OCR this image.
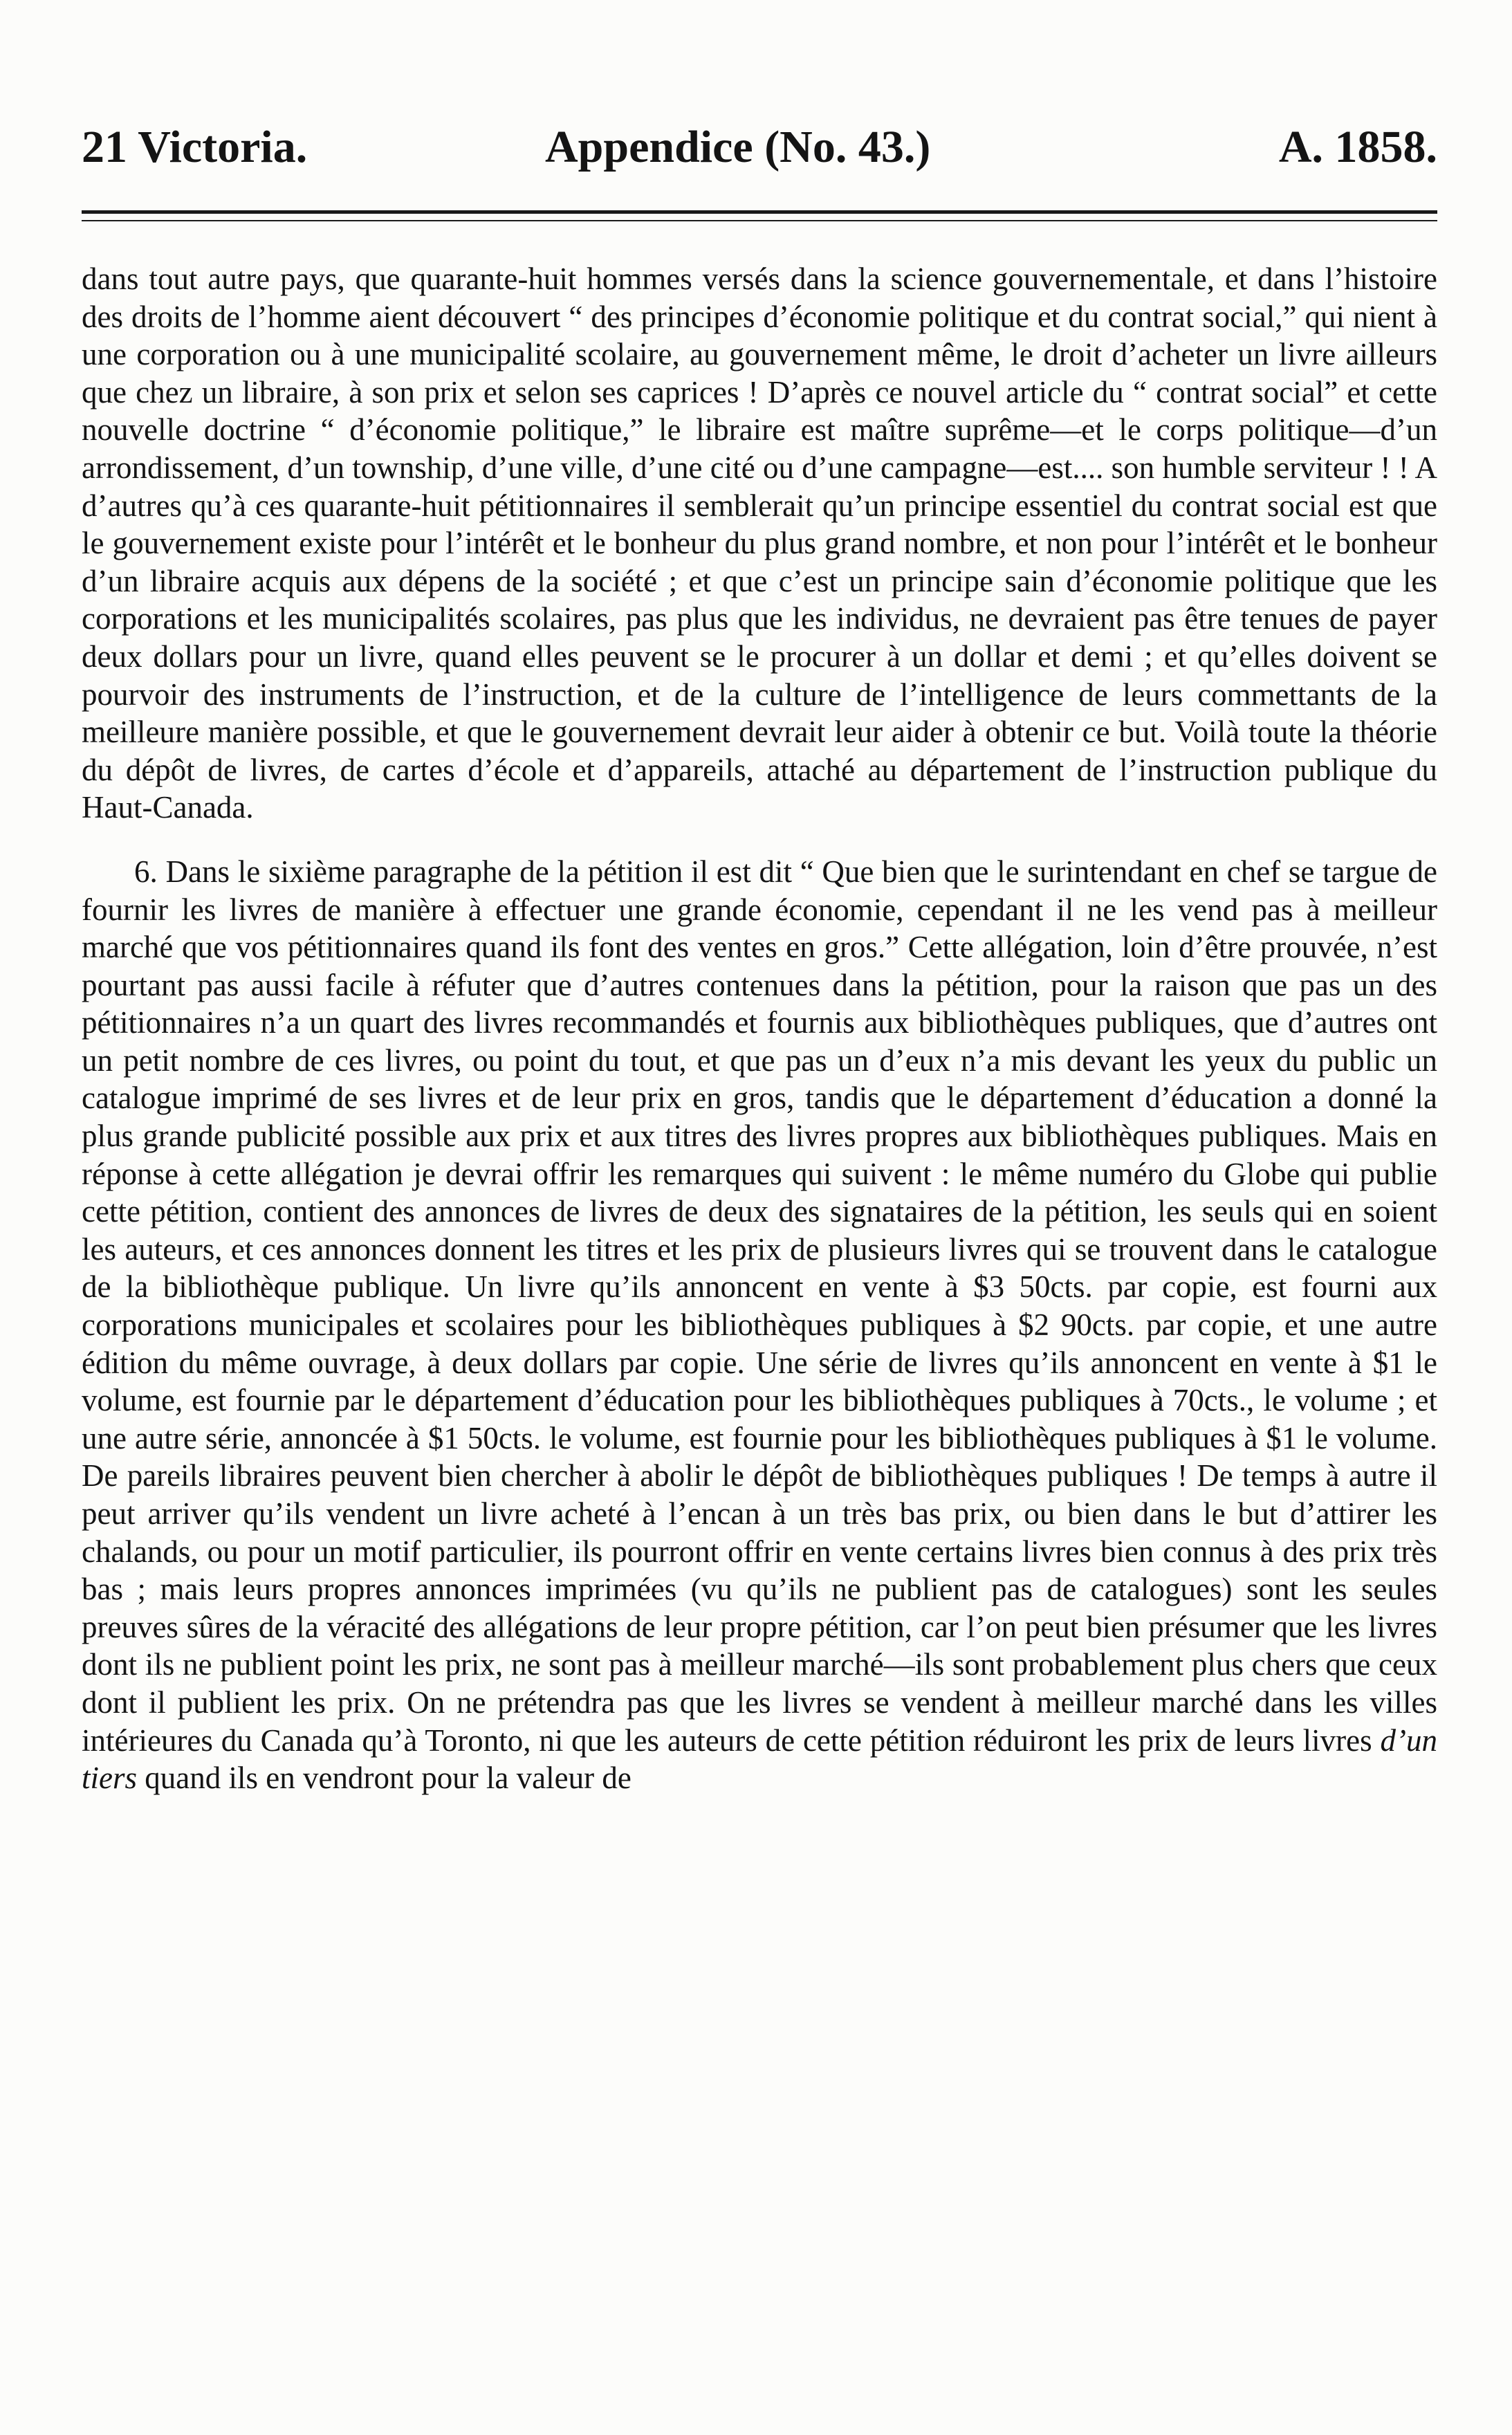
21 Victoria.	Appendice (No. 43.)	A. 1858.

dans tout autre pays, que quarante-huit hommes versés dans la science gouvernementale, et dans l’histoire des droits de l’homme aient découvert “ des principes d’économie politique et du contrat social,” qui nient à une corporation ou à une municipalité scolaire, au gouvernement même, le droit d’acheter un livre ailleurs que chez un libraire, à son prix et selon ses caprices ! D’après ce nouvel article du “ contrat social” et cette nouvelle doctrine “ d’économie politique,” le libraire est maître suprême—et le corps politique—d’un arrondissement, d’un township, d’une ville, d’une cité ou d’une campagne—est.... son humble serviteur ! ! A d’autres qu’à ces quarante-huit pétitionnaires il semblerait qu’un principe essentiel du contrat social est que le gouvernement existe pour l’intérêt et le bonheur du plus grand nombre, et non pour l’intérêt et le bonheur d’un libraire acquis aux dépens de la société ; et que c’est un principe sain d’économie politique que les corporations et les municipalités scolaires, pas plus que les individus, ne devraient pas être tenues de payer deux dollars pour un livre, quand elles peuvent se le procurer à un dollar et demi ; et qu’elles doivent se pourvoir des instruments de l’instruction, et de la culture de l’intelligence de leurs commettants de la meilleure manière possible, et que le gouvernement devrait leur aider à obtenir ce but. Voilà toute la théorie du dépôt de livres, de cartes d’école et d’appareils, attaché au département de l’instruction publique du Haut-Canada.

6. Dans le sixième paragraphe de la pétition il est dit “ Que bien que le surintendant en chef se targue de fournir les livres de manière à effectuer une grande économie, cependant il ne les vend pas à meilleur marché que vos pétitionnaires quand ils font des ventes en gros.” Cette allégation, loin d’être prouvée, n’est pourtant pas aussi facile à réfuter que d’autres contenues dans la pétition, pour la raison que pas un des pétitionnaires n’a un quart des livres recommandés et fournis aux bibliothèques publiques, que d’autres ont un petit nombre de ces livres, ou point du tout, et que pas un d’eux n’a mis devant les yeux du public un catalogue imprimé de ses livres et de leur prix en gros, tandis que le département d’éducation a donné la plus grande publicité possible aux prix et aux titres des livres propres aux bibliothèques publiques. Mais en réponse à cette allégation je devrai offrir les remarques qui suivent : le même numéro du Globe qui publie cette pétition, contient des annonces de livres de deux des signataires de la pétition, les seuls qui en soient les auteurs, et ces annonces donnent les titres et les prix de plusieurs livres qui se trouvent dans le catalogue de la bibliothèque publique. Un livre qu’ils annoncent en vente à $3 50cts. par copie, est fourni aux corporations municipales et scolaires pour les bibliothèques publiques à $2 90cts. par copie, et une autre édition du même ouvrage, à deux dollars par copie. Une série de livres qu’ils annoncent en vente à $1 le volume, est fournie par le département d’éducation pour les bibliothèques publiques à 70cts., le volume ; et une autre série, annoncée à $1 50cts. le volume, est fournie pour les bibliothèques publiques à $1 le volume. De pareils libraires peuvent bien chercher à abolir le dépôt de bibliothèques publiques ! De temps à autre il peut arriver qu’ils vendent un livre acheté à l’encan à un très bas prix, ou bien dans le but d’attirer les chalands, ou pour un motif particulier, ils pourront offrir en vente certains livres bien connus à des prix très bas ; mais leurs propres annonces imprimées (vu qu’ils ne publient pas de catalogues) sont les seules preuves sûres de la véracité des allégations de leur propre pétition, car l’on peut bien présumer que les livres dont ils ne publient point les prix, ne sont pas à meilleur marché—ils sont probablement plus chers que ceux dont il publient les prix. On ne prétendra pas que les livres se vendent à meilleur marché dans les villes intérieures du Canada qu’à Toronto, ni que les auteurs de cette pétition réduiront les prix de leurs livres d’un tiers quand ils en vendront pour la valeur de
